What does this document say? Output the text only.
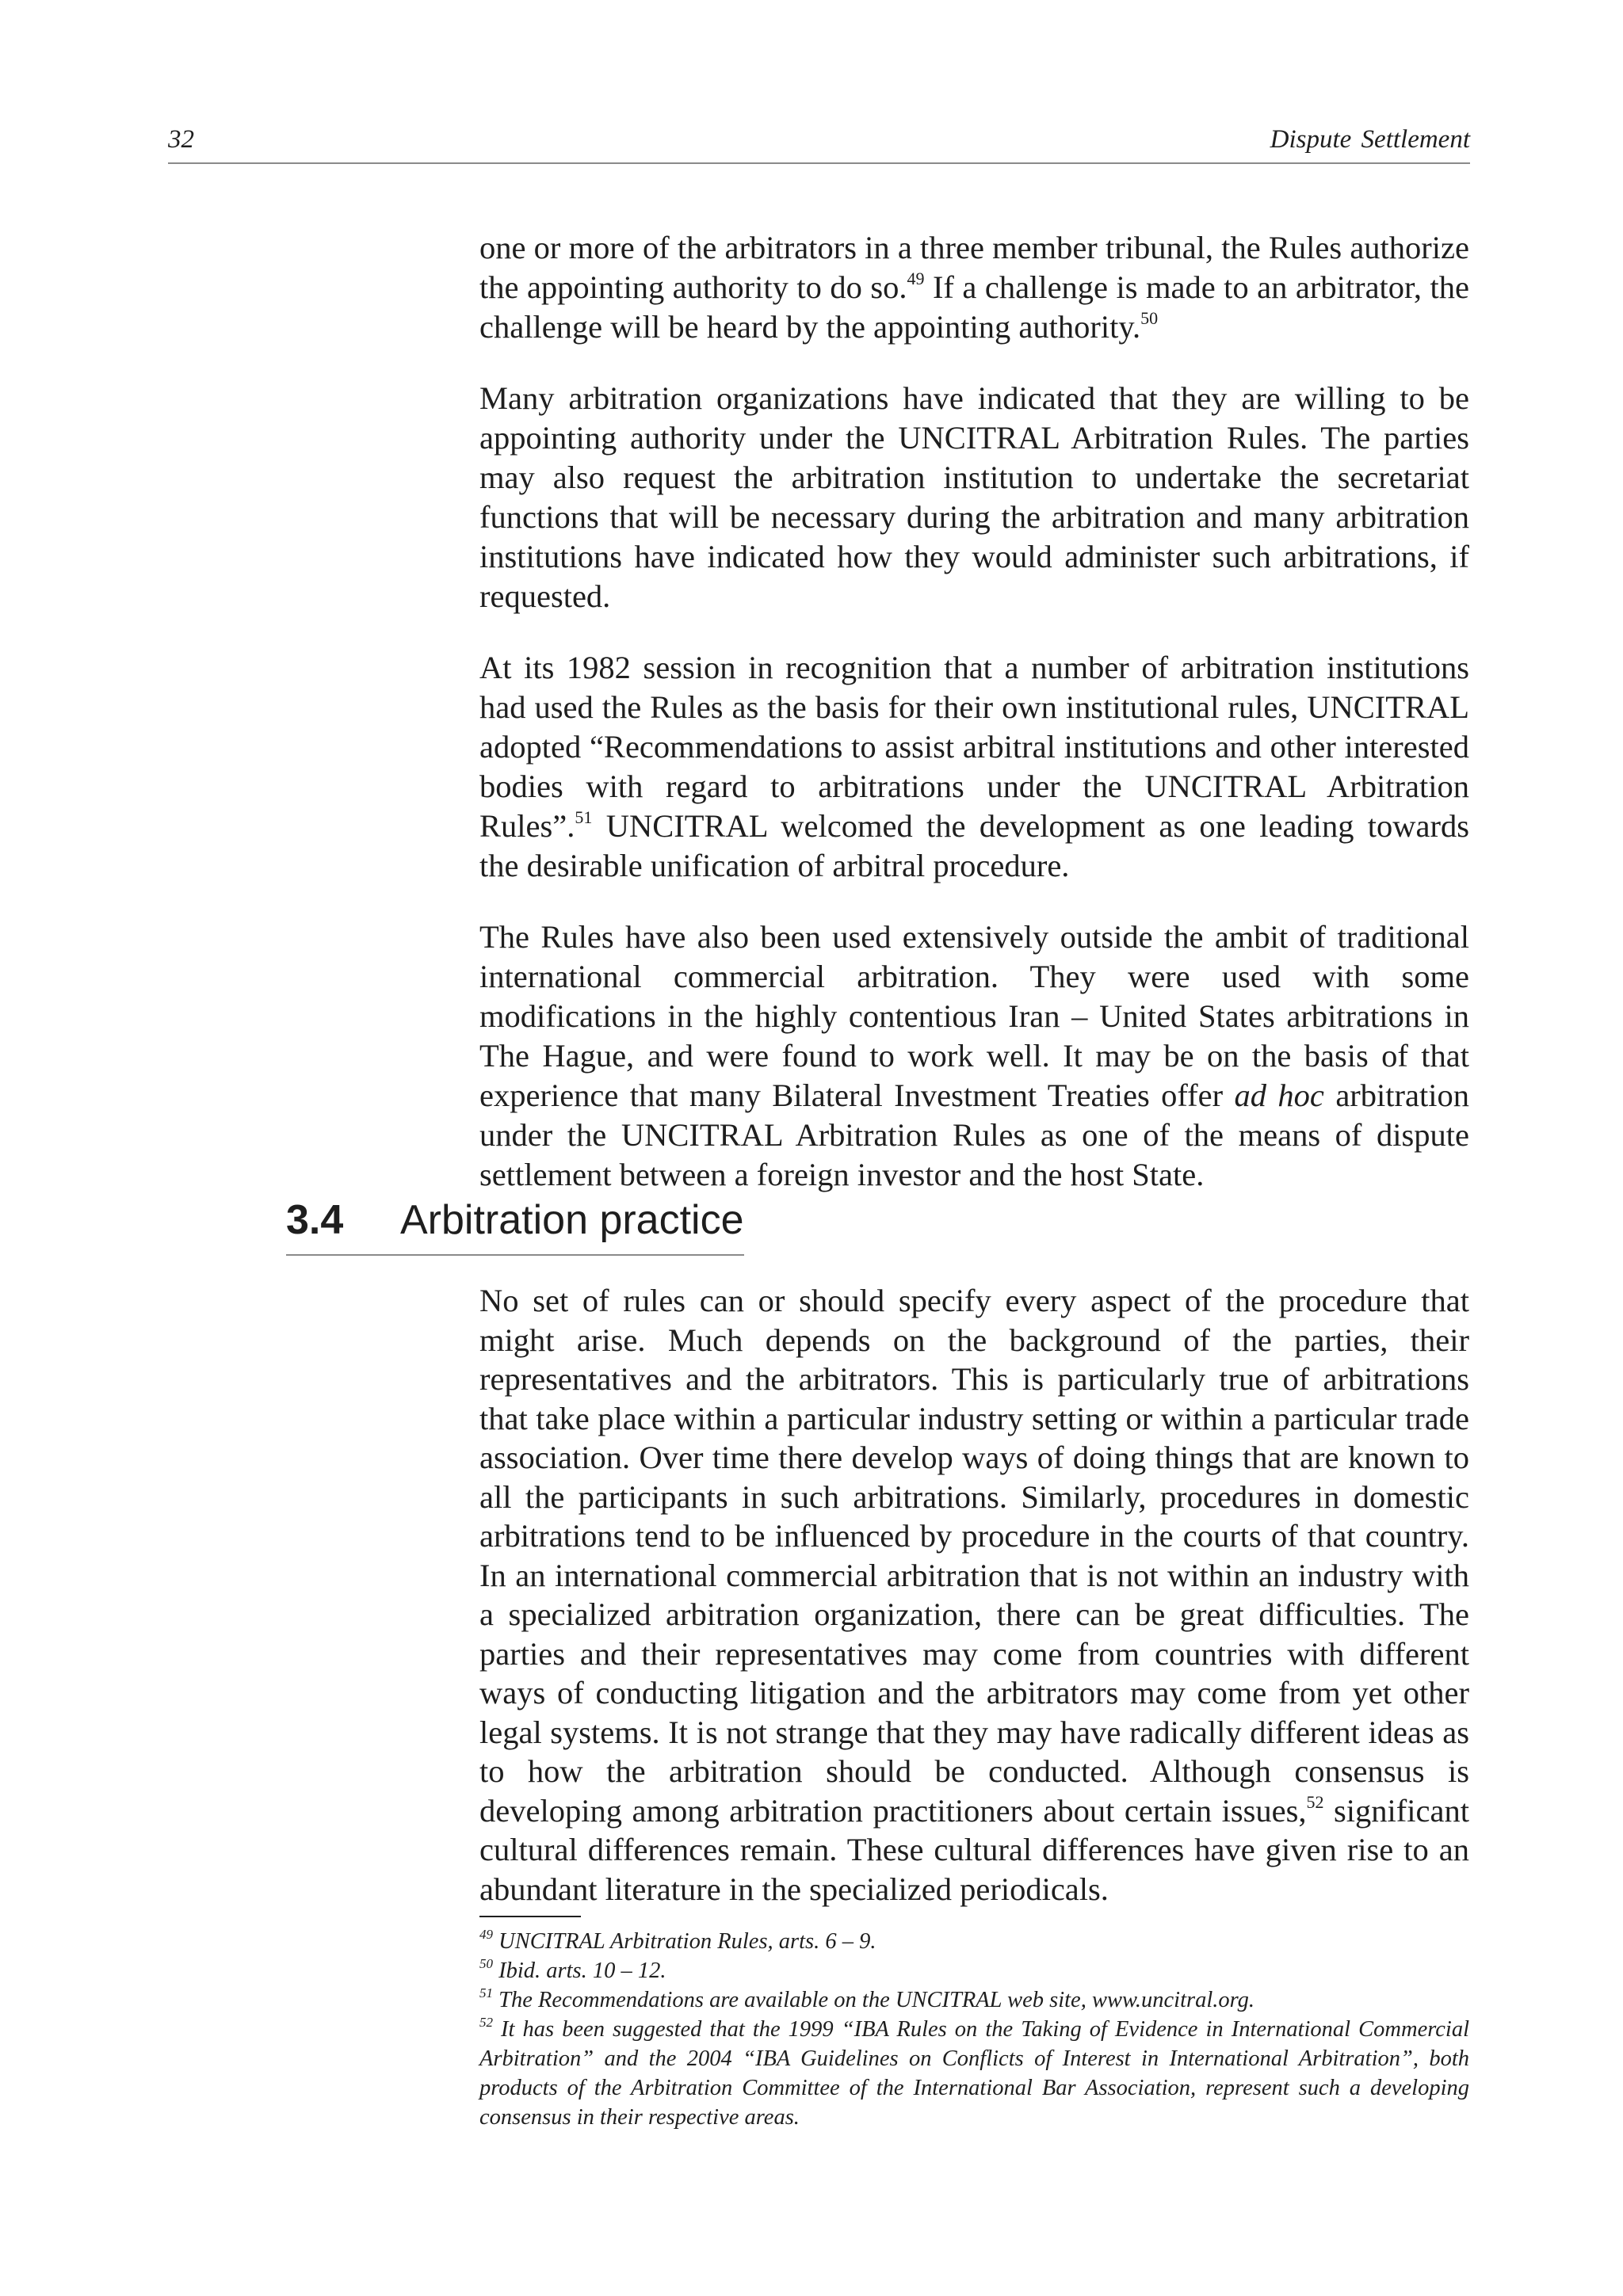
32	Dispute Settlement

one or more of the arbitrators in a three member tribunal, the Rules authorize the appointing authority to do so.$^{49}$ If a challenge is made to an arbitrator, the challenge will be heard by the appointing authority.$^{50}$

Many arbitration organizations have indicated that they are willing to be appointing authority under the UNCITRAL Arbitration Rules. The parties may also request the arbitration institution to undertake the secretariat functions that will be necessary during the arbitration and many arbitration institutions have indicated how they would administer such arbitrations, if requested.

At its 1982 session in recognition that a number of arbitration institutions had used the Rules as the basis for their own institutional rules, UNCITRAL adopted “Recommendations to assist arbitral institutions and other interested bodies with regard to arbitrations under the UNCITRAL Arbitration Rules”.$^{51}$ UNCITRAL welcomed the development as one leading towards the desirable unification of arbitral procedure.

The Rules have also been used extensively outside the ambit of traditional international commercial arbitration. They were used with some modifications in the highly contentious Iran – United States arbitrations in The Hague, and were found to work well. It may be on the basis of that experience that many Bilateral Investment Treaties offer ad hoc arbitration under the UNCITRAL Arbitration Rules as one of the means of dispute settlement between a foreign investor and the host State.

3.4 Arbitration practice

No set of rules can or should specify every aspect of the procedure that might arise. Much depends on the background of the parties, their representatives and the arbitrators. This is particularly true of arbitrations that take place within a particular industry setting or within a particular trade association. Over time there develop ways of doing things that are known to all the participants in such arbitrations. Similarly, procedures in domestic arbitrations tend to be influenced by procedure in the courts of that country. In an international commercial arbitration that is not within an industry with a specialized arbitration organization, there can be great difficulties. The parties and their representatives may come from countries with different ways of conducting litigation and the arbitrators may come from yet other legal systems. It is not strange that they may have radically different ideas as to how the arbitration should be conducted. Although consensus is developing among arbitration practitioners about certain issues,$^{52}$ significant cultural differences remain. These cultural differences have given rise to an abundant literature in the specialized periodicals.

$^{49}$ UNCITRAL Arbitration Rules, arts. 6 – 9.

$^{50}$ Ibid. arts. 10 – 12.

$^{51}$ The Recommendations are available on the UNCITRAL web site, www.uncitral.org.

$^{52}$ It has been suggested that the 1999 “IBA Rules on the Taking of Evidence in International Commercial Arbitration” and the 2004 “IBA Guidelines on Conflicts of Interest in International Arbitration”, both products of the Arbitration Committee of the International Bar Association, represent such a developing consensus in their respective areas.
